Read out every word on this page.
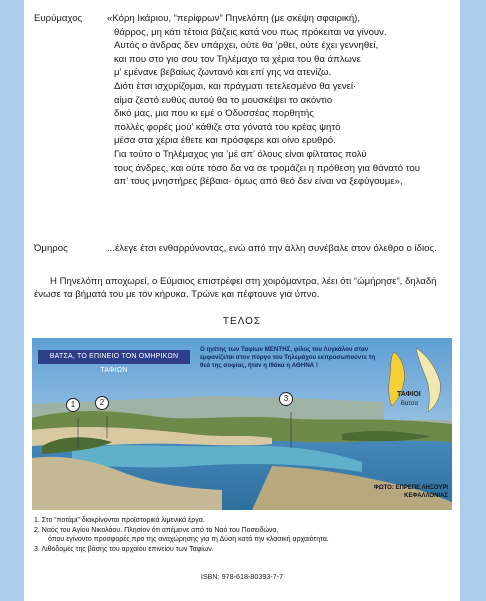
Ευρύμαχος	«Κόρη Ικάριου, “περίφρων” Πηνελόπη (με σκέψη σφαιρική),
θάρρος, μη κάτι τέτοια βάζεις κατά νου πως πρόκειται να γίνουν.
Αυτός ο άνδρας δεν υπάρχει, ούτε θα ’ρθει, ούτε έχει γεννηθεί,
και που στο γιο σου τον Τηλέμαχο τα χέρια του θα άπλωνε
μ’ εμένανε βεβαίως ζωντανό και επί γης να ατενίζω.
Διότι έτσι ισχυρίζομαι, και πράγματι τετελεσμένο θα γενεί·
αίμα ζεστό ευθύς αυτού θα το μουσκέψει το ακόντιο
δικό μας, μια που κι εμέ ο Οδυσσέας πορθητής
πολλές φορές μού’ κάθιζε στα γόνατά του κρέας ψητό
μέσα στα χέρια έθετε και πρόσφερε και οίνο ερυθρό.
Για τούτο ο Τηλέμαχος για ’μέ απ’ όλους είναι φίλτατος πολύ
τους άνδρες, και ούτε τόσο δα να σε τρομάζει η πρόθεση για θάνατό του
απ’ τους μνηστήρες βέβαια· όμως από θεό δεν είναι να ξεφύγουμε»,
Όμηρος	...έλεγε έτσι ενθαρρύνοντας, ενώ από την άλλη συνέβαλε στον όλεθρο ο ίδιος.
Η Πηνελόπη αποχωρεί, ο Εύμαιος επιστρέφει στη χοιρόμαντρα, λέει ότι “ώμήρησε”, δηλαδή ένωσε τα βήματά του με τον κήρυκα. Τρώνε και πέφτουνε για ύπνο.
ΤΕΛΟΣ
ΒΑΤΣΑ, ΤΟ ΕΠΙΝΕΙΟ ΤΟΝ ΟΜΗΡΙΚΩΝ ΤΑΦΙΩΝ
Ο ηγέτης των Ταφίων ΜΕΝΤΗΣ, φίλος του Λυγκάλου σταν εμφανίζεται στον πύργο του Τηλεμάχου εκπροσωπούντε τη θεά της σοφίας, ήταν η Ιθάκα η ΑΘΗΝΑ !
ΤΑΦΙΟΙ
Βατσα
1	2	3
ΦΩΤΟ: ΕΠΡΕΠΕ ΛΗΞΟΥΡΙ ΚΕΦΑΛΛΟΝΙΑΣ
1. Στο “ποτάμι” διακρίνονται προϊστορικά λιμενικά έργα.
2. Ναός του Αγίου Νικολάου. Πλησίον ότι απέμεινε από το Ναό του Ποσειδώνα,
όπου εγίνοντο προσφορές προ της αναχώρησης για τη Δύση κατά την κλασική αρχαιότητα.
3. Λιθοδομές της βάσης του αρχαίου επινείου των Ταφίων.
ISBN: 978-618-80393-7-7
